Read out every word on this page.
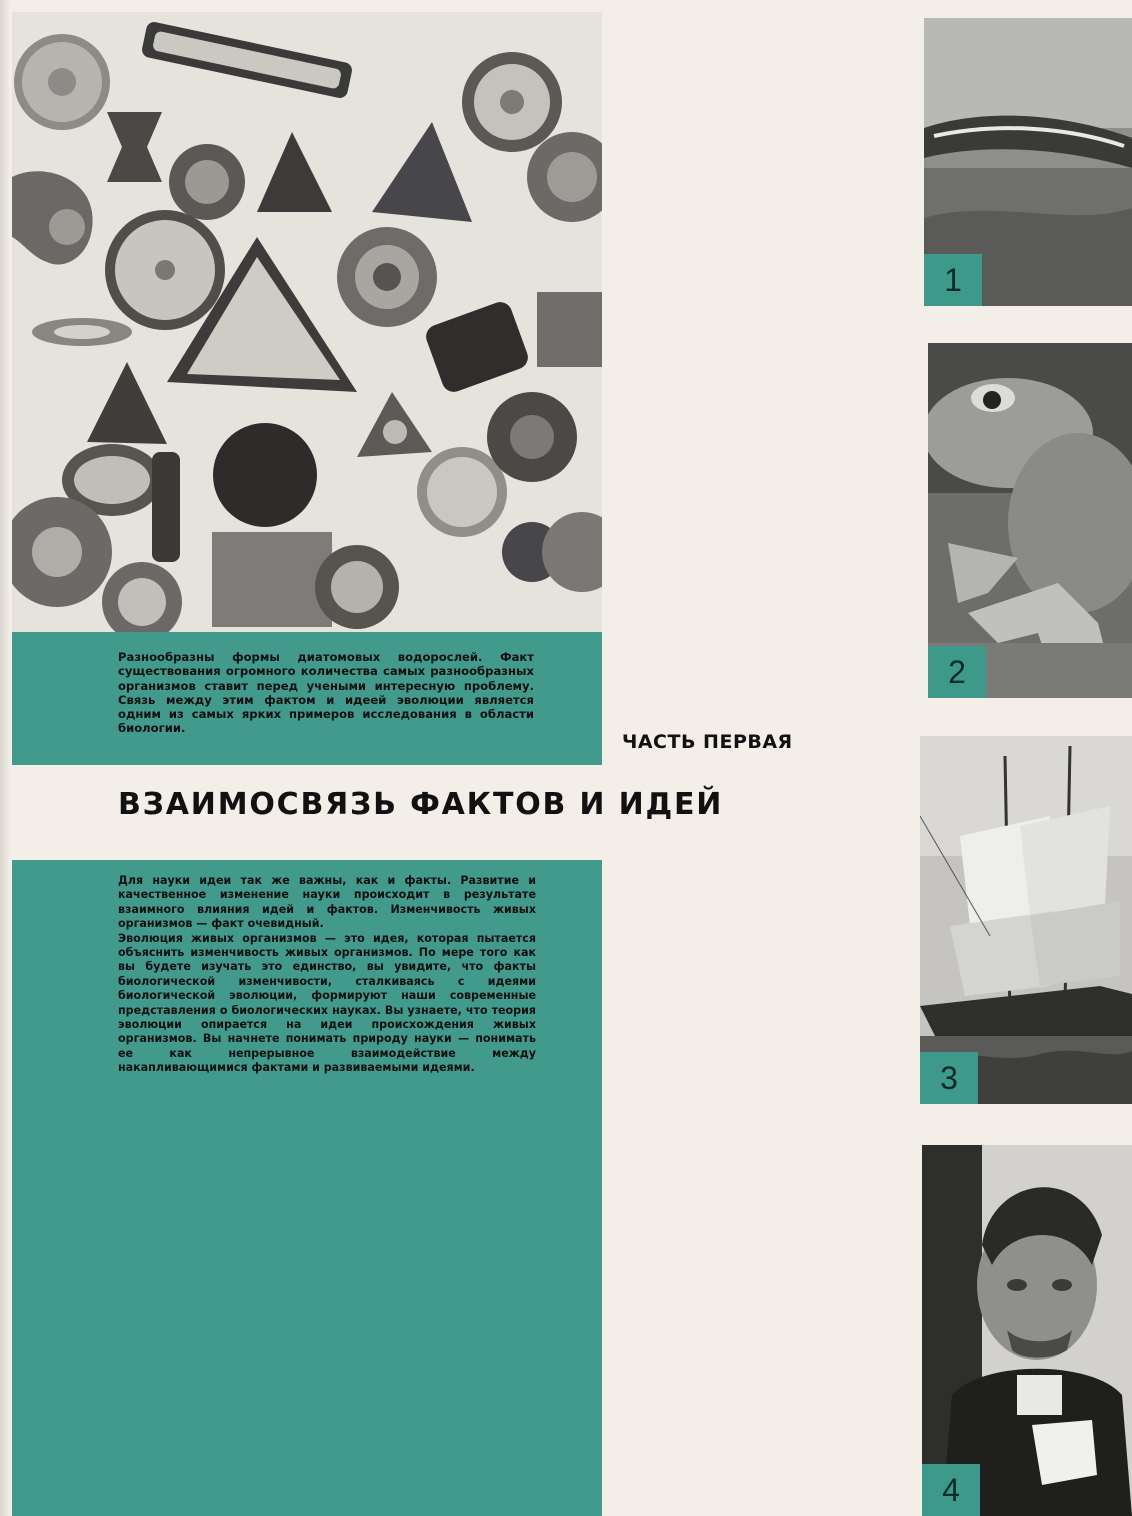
Разнообразны формы диатомовых водорослей. Факт существования огромного количества самых разнообразных организмов ставит перед учеными интересную проблему. Связь между этим фактом и идеей эволюции является одним из самых ярких примеров исследования в области биологии.

ЧАСТЬ ПЕРВАЯ
ВЗАИМОСВЯЗЬ ФАКТОВ И ИДЕЙ

Для науки идеи так же важны, как и факты. Развитие и качественное изменение науки происходит в результате взаимного влияния идей и фактов. Изменчивость живых организмов — факт очевидный.

Эволюция живых организмов — это идея, которая пытается объяснить изменчивость живых организмов. По мере того как вы будете изучать это единство, вы увидите, что факты биологической изменчивости, сталкиваясь с идеями биологической эволюции, формируют наши современные представления о биологических науках. Вы узнаете, что теория эволюции опирается на идеи происхождения живых организмов. Вы начнете понимать природу науки — понимать ее как непрерывное взаимодействие между накапливающимися фактами и развиваемыми идеями.

1
2
3
4
